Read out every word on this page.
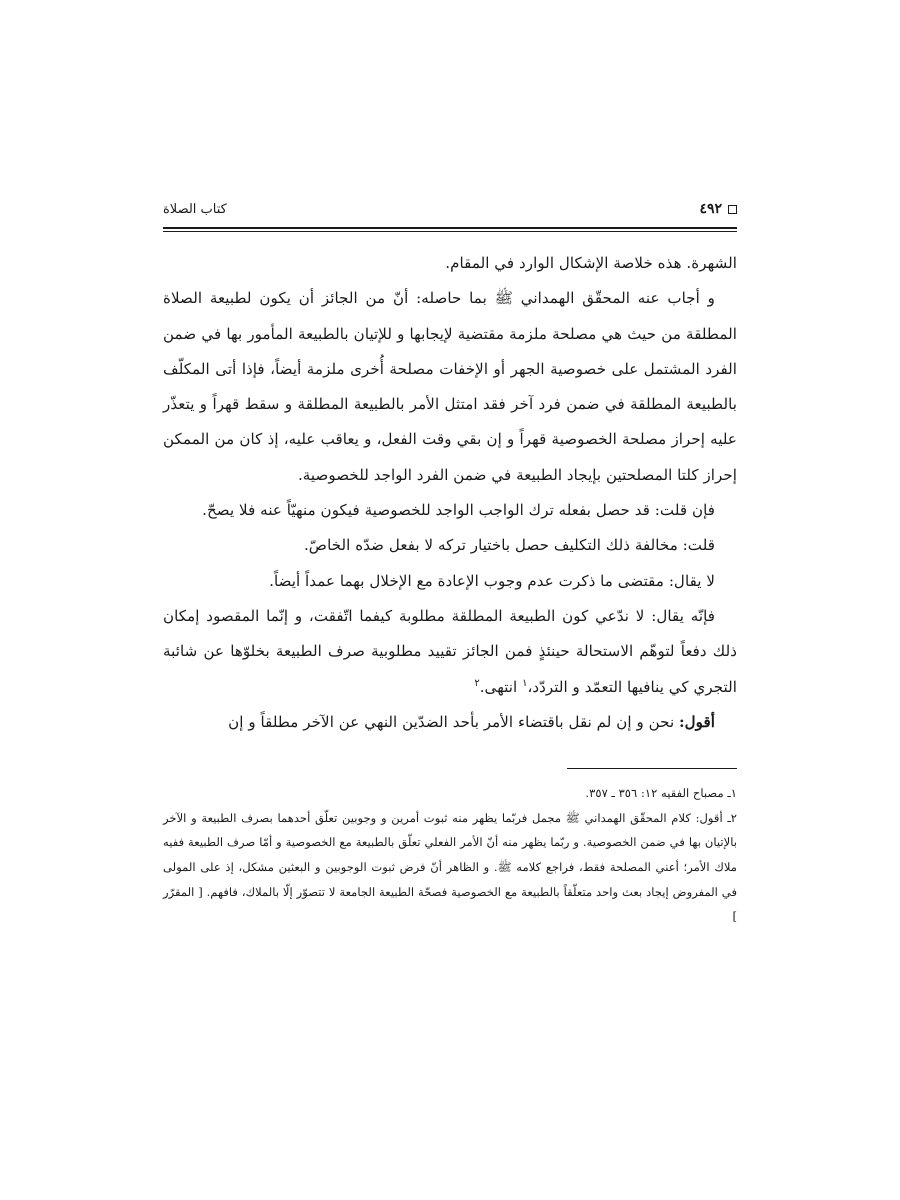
٤٩٢
كتاب الصلاة

الشهرة. هذه خلاصة الإشكال الوارد في المقام.

و أجاب عنه المحقّق الهمداني ﷺ بما حاصله: أنّ من الجائز أن يكون لطبيعة الصلاة المطلقة من حيث هي مصلحة ملزمة مقتضية لإيجابها و للإتيان بالطبيعة المأمور بها في ضمن الفرد المشتمل على خصوصية الجهر أو الإخفات مصلحة أُخرى ملزمة أيضاً، فإذا أتى المكلّف بالطبيعة المطلقة في ضمن فرد آخر فقد امتثل الأمر بالطبيعة المطلقة و سقط قهراً و يتعذّر عليه إحراز مصلحة الخصوصية قهراً و إن بقي وقت الفعل، و يعاقب عليه، إذ كان من الممكن إحراز كلتا المصلحتين بإيجاد الطبيعة في ضمن الفرد الواجد للخصوصية.

فإن قلت: قد حصل بفعله ترك الواجب الواجد للخصوصية فيكون منهيّاً عنه فلا يصحّ.

قلت: مخالفة ذلك التكليف حصل باختيار تركه لا بفعل ضدّه الخاصّ.

لا يقال: مقتضى ما ذكرت عدم وجوب الإعادة مع الإخلال بهما عمداً أيضاً.

فإنّه يقال: لا ندّعي كون الطبيعة المطلقة مطلوبة كيفما اتّفقت، و إنّما المقصود إمكان ذلك دفعاً لتوهّم الاستحالة حينئذٍ فمن الجائز تقييد مطلوبية صرف الطبيعة بخلوّها عن شائبة التجري كي ينافيها التعمّد و التردّد،$^١$ انتهى.$^٢$

أقول: نحن و إن لم نقل باقتضاء الأمر بأحد الضدّين النهي عن الآخر مطلقاً و إن

١ـ مصباح الفقيه ١٢: ٣٥٦ ـ ٣٥٧.

٢ـ أقول: كلام المحقّق الهمداني ﷺ مجمل فربّما يظهر منه ثبوت أمرين و وجوبين تعلّق أحدهما بصرف الطبيعة و الآخر بالإتيان بها في ضمن الخصوصية. و ربّما يظهر منه أنّ الأمر الفعلي تعلّق بالطبيعة مع الخصوصية و أمّا صرف الطبيعة ففيه ملاك الأمر؛ أعني المصلحة فقط، فراجع كلامه ﷺ. و الظاهر أنّ فرض ثبوت الوجوبين و البعثين مشكل، إذ على المولى في المفروض إيجاد بعث واحد متعلّقاً بالطبيعة مع الخصوصية فصحّة الطبيعة الجامعة لا تتصوّر إلّا بالملاك، فافهم. [ المقرّر ]
